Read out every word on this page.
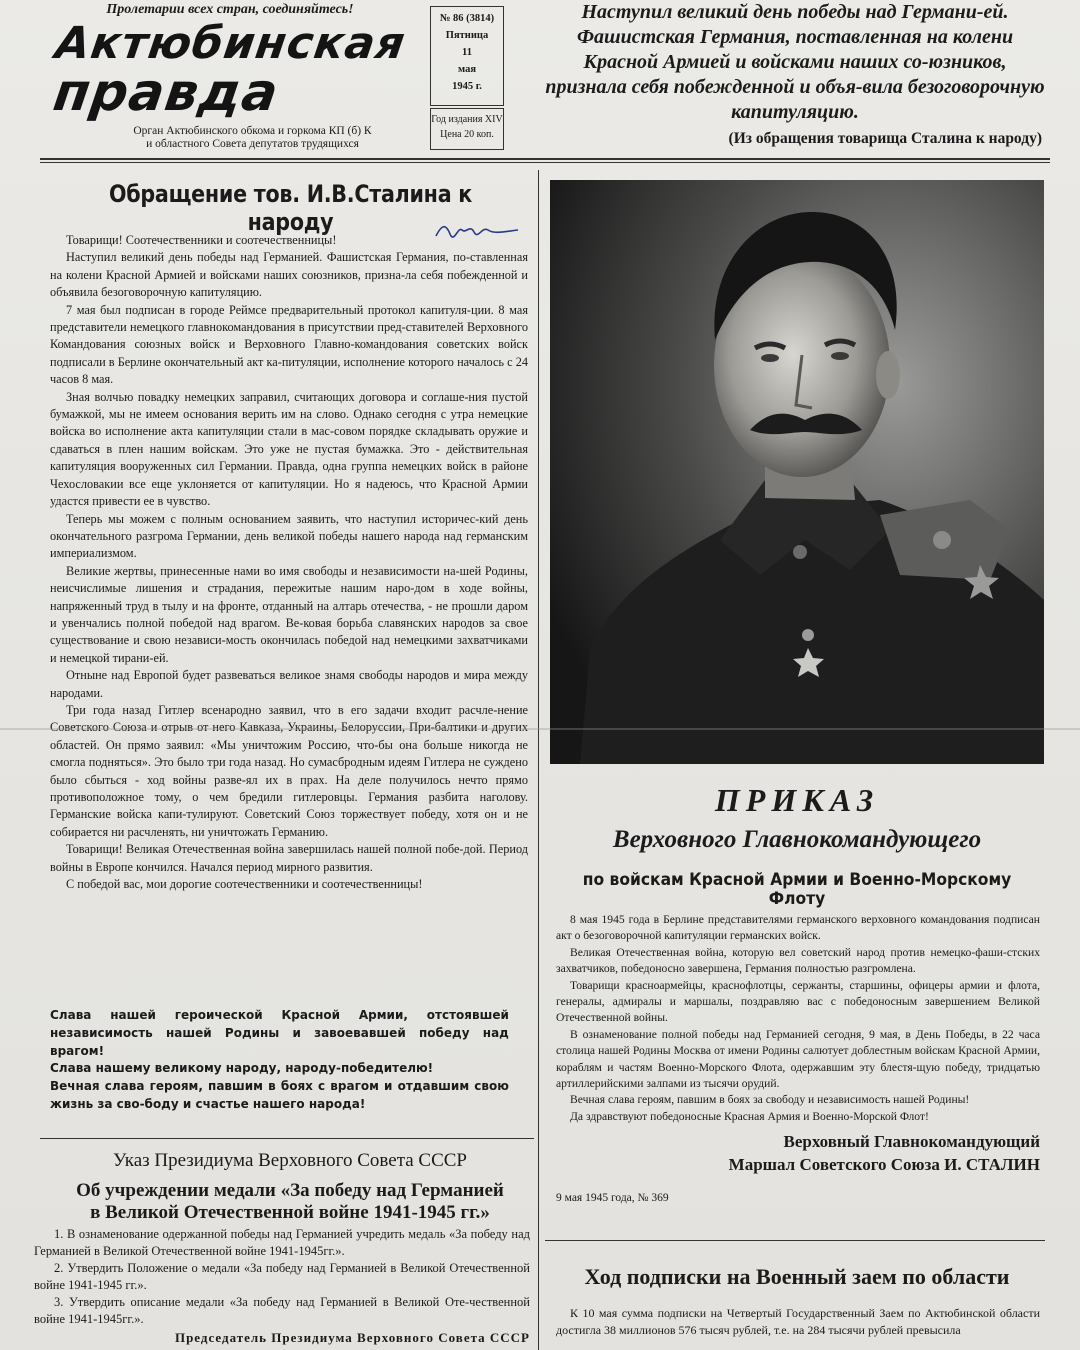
Пролетарии всех стран, соединяйтесь!
Актюбинская
правда
Орган Актюбинского обкома и горкома КП (б) К
и областного Совета депутатов трудящихся
№ 86 (3814)
Пятница
11
мая
1945 г.
Год издания XIV
Цена 20 коп.
Наступил великий день победы над Германи-ей. Фашистская Германия, поставленная на колени Красной Армией и войсками наших со-юзников, признала себя побежденной и объя-вила безоговорочную капитуляцию.
(Из обращения товарища Сталина к народу)
Обращение тов. И.В.Сталина к народу

Товарищи! Соотечественники и соотечественницы!

Наступил великий день победы над Германией. Фашистская Германия, по-ставленная на колени Красной Армией и войсками наших союзников, призна-ла себя побежденной и объявила безоговорочную капитуляцию.

7 мая был подписан в городе Реймсе предварительный протокол капитуля-ции. 8 мая представители немецкого главнокомандования в присутствии пред-ставителей Верховного Командования союзных войск и Верховного Главно-командования советских войск подписали в Берлине окончательный акт ка-питуляции, исполнение которого началось с 24 часов 8 мая.

Зная волчью повадку немецких заправил, считающих договора и соглаше-ния пустой бумажкой, мы не имеем основания верить им на слово. Однако сегодня с утра немецкие войска во исполнение акта капитуляции стали в мас-совом порядке складывать оружие и сдаваться в плен нашим войскам. Это уже не пустая бумажка. Это - действительная капитуляция вооруженных сил Германии. Правда, одна группа немецких войск в районе Чехословакии все еще уклоняется от капитуляции. Но я надеюсь, что Красной Армии удастся привести ее в чувство.

Теперь мы можем с полным основанием заявить, что наступил историчес-кий день окончательного разгрома Германии, день великой победы нашего народа над германским империализмом.

Великие жертвы, принесенные нами во имя свободы и независимости на-шей Родины, неисчислимые лишения и страдания, пережитые нашим наро-дом в ходе войны, напряженный труд в тылу и на фронте, отданный на алтарь отечества, - не прошли даром и увенчались полной победой над врагом. Ве-ковая борьба славянских народов за свое существование и свою независи-мость окончилась победой над немецкими захватчиками и немецкой тирани-ей.

Отныне над Европой будет развеваться великое знамя свободы народов и мира между народами.

Три года назад Гитлер всенародно заявил, что в его задачи входит расчле-нение Советского Союза и отрыв от него Кавказа, Украины, Белоруссии, При-балтики и других областей. Он прямо заявил: «Мы уничтожим Россию, что-бы она больше никогда не смогла подняться». Это было три года назад. Но сумасбродным идеям Гитлера не суждено было сбыться - ход войны разве-ял их в прах. На деле получилось нечто прямо противоположное тому, о чем бредили гитлеровцы. Германия разбита наголову. Германские войска капи-тулируют. Советский Союз торжествует победу, хотя он и не собирается ни расчленять, ни уничтожать Германию.

Товарищи! Великая Отечественная война завершилась нашей полной побе-дой. Период войны в Европе кончился. Начался период мирного развития.

С победой вас, мои дорогие соотечественники и соотечественницы!

Слава нашей героической Красной Армии, отстоявшей независимость нашей Родины и завоевавшей победу над врагом!

Слава нашему великому народу, народу-победителю!

Вечная слава героям, павшим в боях с врагом и отдавшим свою жизнь за сво-боду и счастье нашего народа!

Указ Президиума Верховного Совета СССР
Об учреждении медали «За победу над Германией
в Великой Отечественной войне 1941-1945 гг.»

1. В ознаменование одержанной победы над Германией учредить медаль «За победу над Германией в Великой Отечественной войне 1941-1945гг.».

2. Утвердить Положение о медали «За победу над Германией в Великой Отечественной войне 1941-1945 гг.».

3. Утвердить описание медали «За победу над Германией в Великой Оте-чественной войне 1941-1945гг.».

Председатель Президиума Верховного Совета СССР
ПРИКАЗ
Верховного Главнокомандующего
по войскам Красной Армии и Военно-Морскому Флоту

8 мая 1945 года в Берлине представителями германского верховного командования подписан акт о безоговорочной капитуляции германских войск.

Великая Отечественная война, которую вел советский народ против немецко-фаши-стских захватчиков, победоносно завершена, Германия полностью разгромлена.

Товарищи красноармейцы, краснофлотцы, сержанты, старшины, офицеры армии и флота, генералы, адмиралы и маршалы, поздравляю вас с победоносным завершением Великой Отечественной войны.

В ознаменование полной победы над Германией сегодня, 9 мая, в День Победы, в 22 часа столица нашей Родины Москва от имени Родины салютует доблестным войскам Красной Армии, кораблям и частям Военно-Морского Флота, одержавшим эту блестя-щую победу, тридцатью артиллерийскими залпами из тысячи орудий.

Вечная слава героям, павшим в боях за свободу и независимость нашей Родины!

Да здравствуют победоносные Красная Армия и Военно-Морской Флот!

Верховный Главнокомандующий
Маршал Советского Союза И. СТАЛИН
9 мая 1945 года, № 369
Ход подписки на Военный заем по области

К 10 мая сумма подписки на Четвертый Государственный Заем по Актюбинской области достигла 38 миллионов 576 тысяч рублей, т.е. на 284 тысячи рублей превысила
